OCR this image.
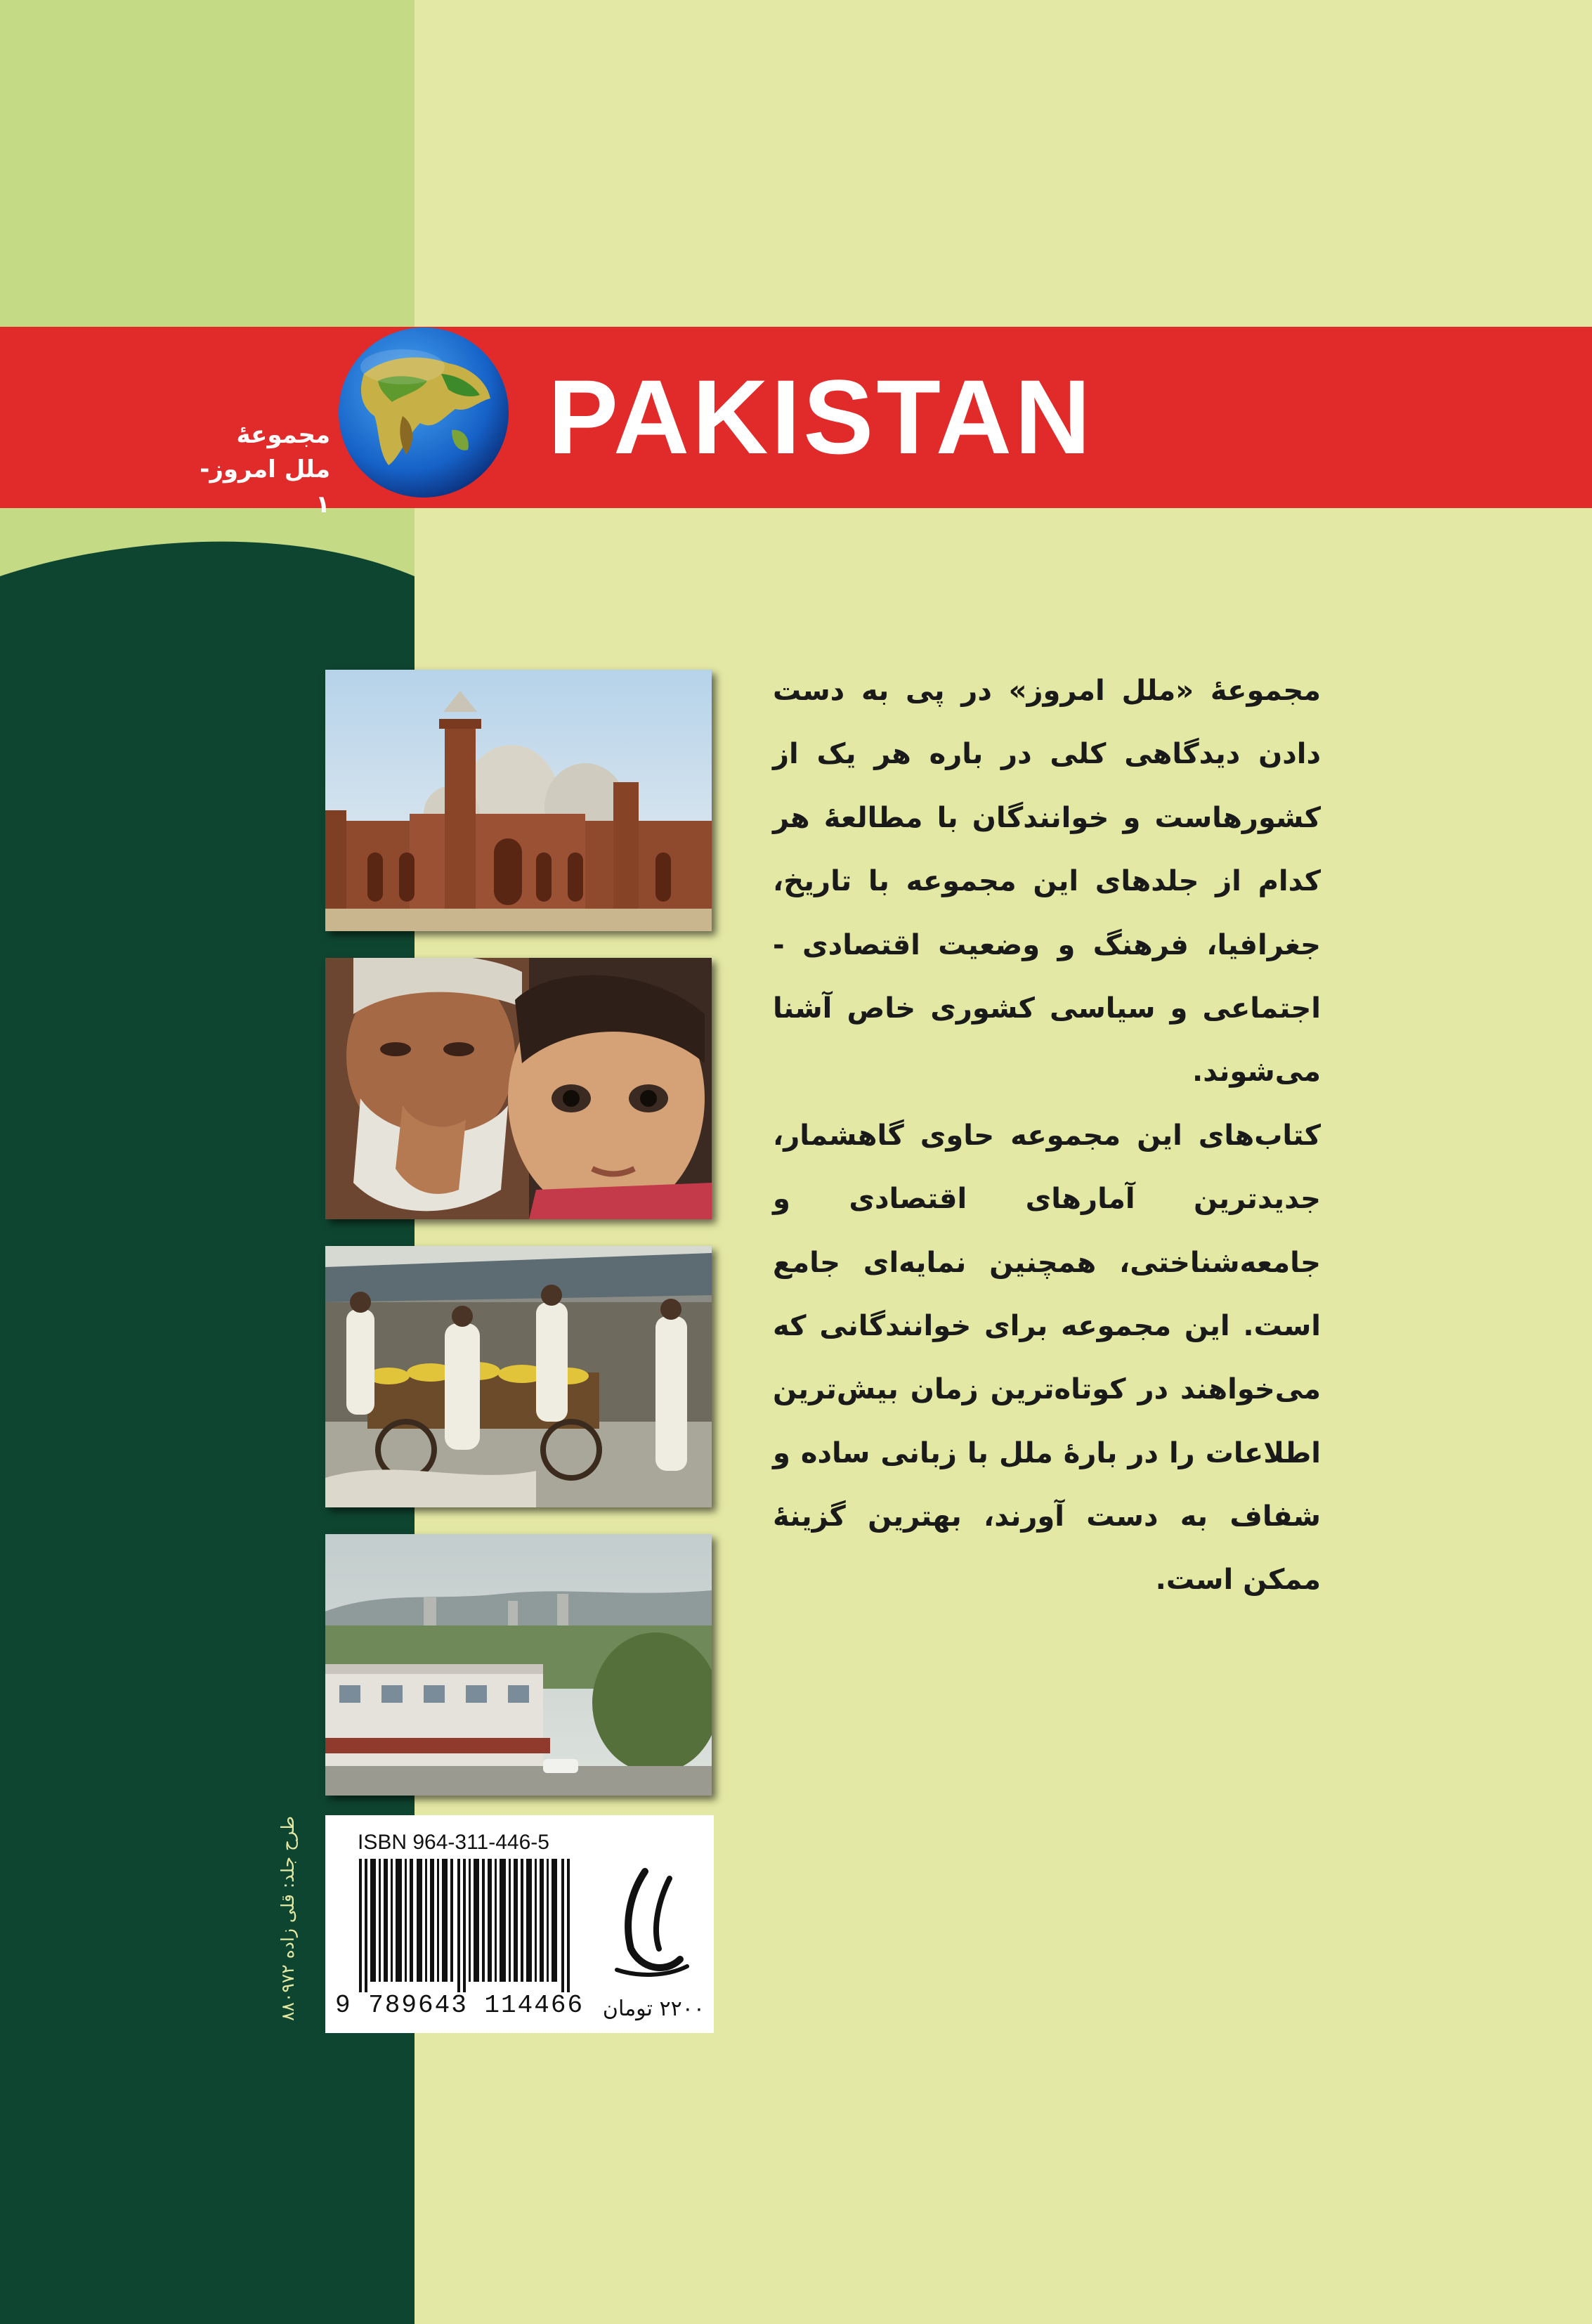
PAKISTAN
مجموعهٔ
ملل امروز- ۱

مجموعهٔ «ملل امروز» در پی به دست دادن دیدگاهی کلی در باره هر یک از کشورهاست و خوانندگان با مطالعهٔ هر کدام از جلدهای این مجموعه با تاریخ، جغرافیا، فرهنگ و وضعیت اقتصادی - اجتماعی و سیاسی کشوری خاص آشنا می‌شوند.

کتاب‌های این مجموعه حاوی گاهشمار، جدیدترین آمارهای اقتصادی و جامعه‌شناختی، همچنین نمایه‌ای جامع است. این مجموعه برای خوانندگانی که می‌خواهند در کوتاه‌ترین زمان بیش‌ترین اطلاعات را در بارهٔ ملل با زبانی ساده و شفاف به دست آورند، بهترین گزینهٔ ممکن است.

ISBN 964-311-446-5
9 789643 114466 ۲۲۰۰ تومان
طرح جلد: قلی زاده ۸۸۰۹۷۲
